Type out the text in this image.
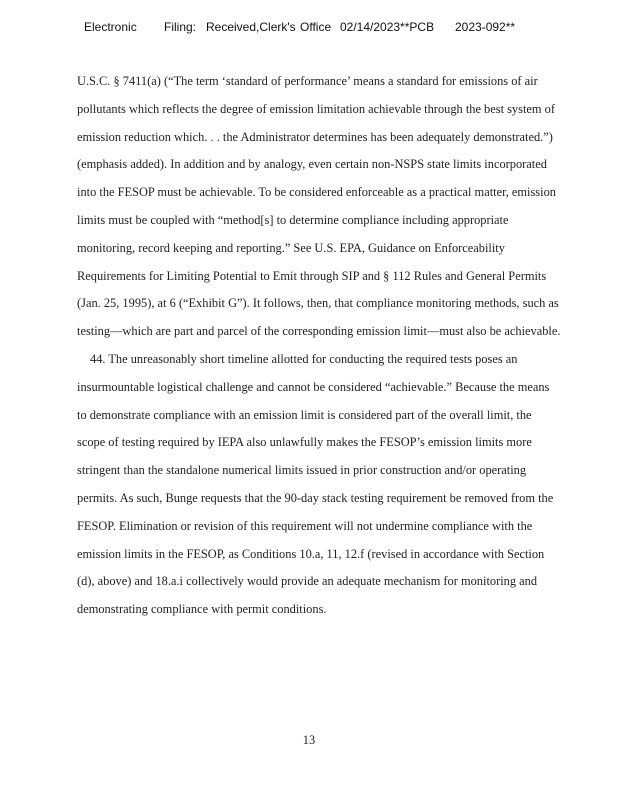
Electronic Filing: Received,Clerk's Office 02/14/2023**PCB 2023-092**
U.S.C. § 7411(a) (“The term ‘standard of performance’ means a standard for emissions of air
pollutants which reflects the degree of emission limitation achievable through the best system of
emission reduction which. . . the Administrator determines has been adequately demonstrated.”)
(emphasis added). In addition and by analogy, even certain non-NSPS state limits incorporated
into the FESOP must be achievable. To be considered enforceable as a practical matter, emission
limits must be coupled with “method[s] to determine compliance including appropriate
monitoring, record keeping and reporting.” See U.S. EPA, Guidance on Enforceability
Requirements for Limiting Potential to Emit through SIP and § 112 Rules and General Permits
(Jan. 25, 1995), at 6 (“Exhibit G”). It follows, then, that compliance monitoring methods, such as
testing—which are part and parcel of the corresponding emission limit—must also be achievable.
44. The unreasonably short timeline allotted for conducting the required tests poses an
insurmountable logistical challenge and cannot be considered “achievable.” Because the means
to demonstrate compliance with an emission limit is considered part of the overall limit, the
scope of testing required by IEPA also unlawfully makes the FESOP’s emission limits more
stringent than the standalone numerical limits issued in prior construction and/or operating
permits. As such, Bunge requests that the 90-day stack testing requirement be removed from the
FESOP. Elimination or revision of this requirement will not undermine compliance with the
emission limits in the FESOP, as Conditions 10.a, 11, 12.f (revised in accordance with Section
(d), above) and 18.a.i collectively would provide an adequate mechanism for monitoring and
demonstrating compliance with permit conditions.
13
